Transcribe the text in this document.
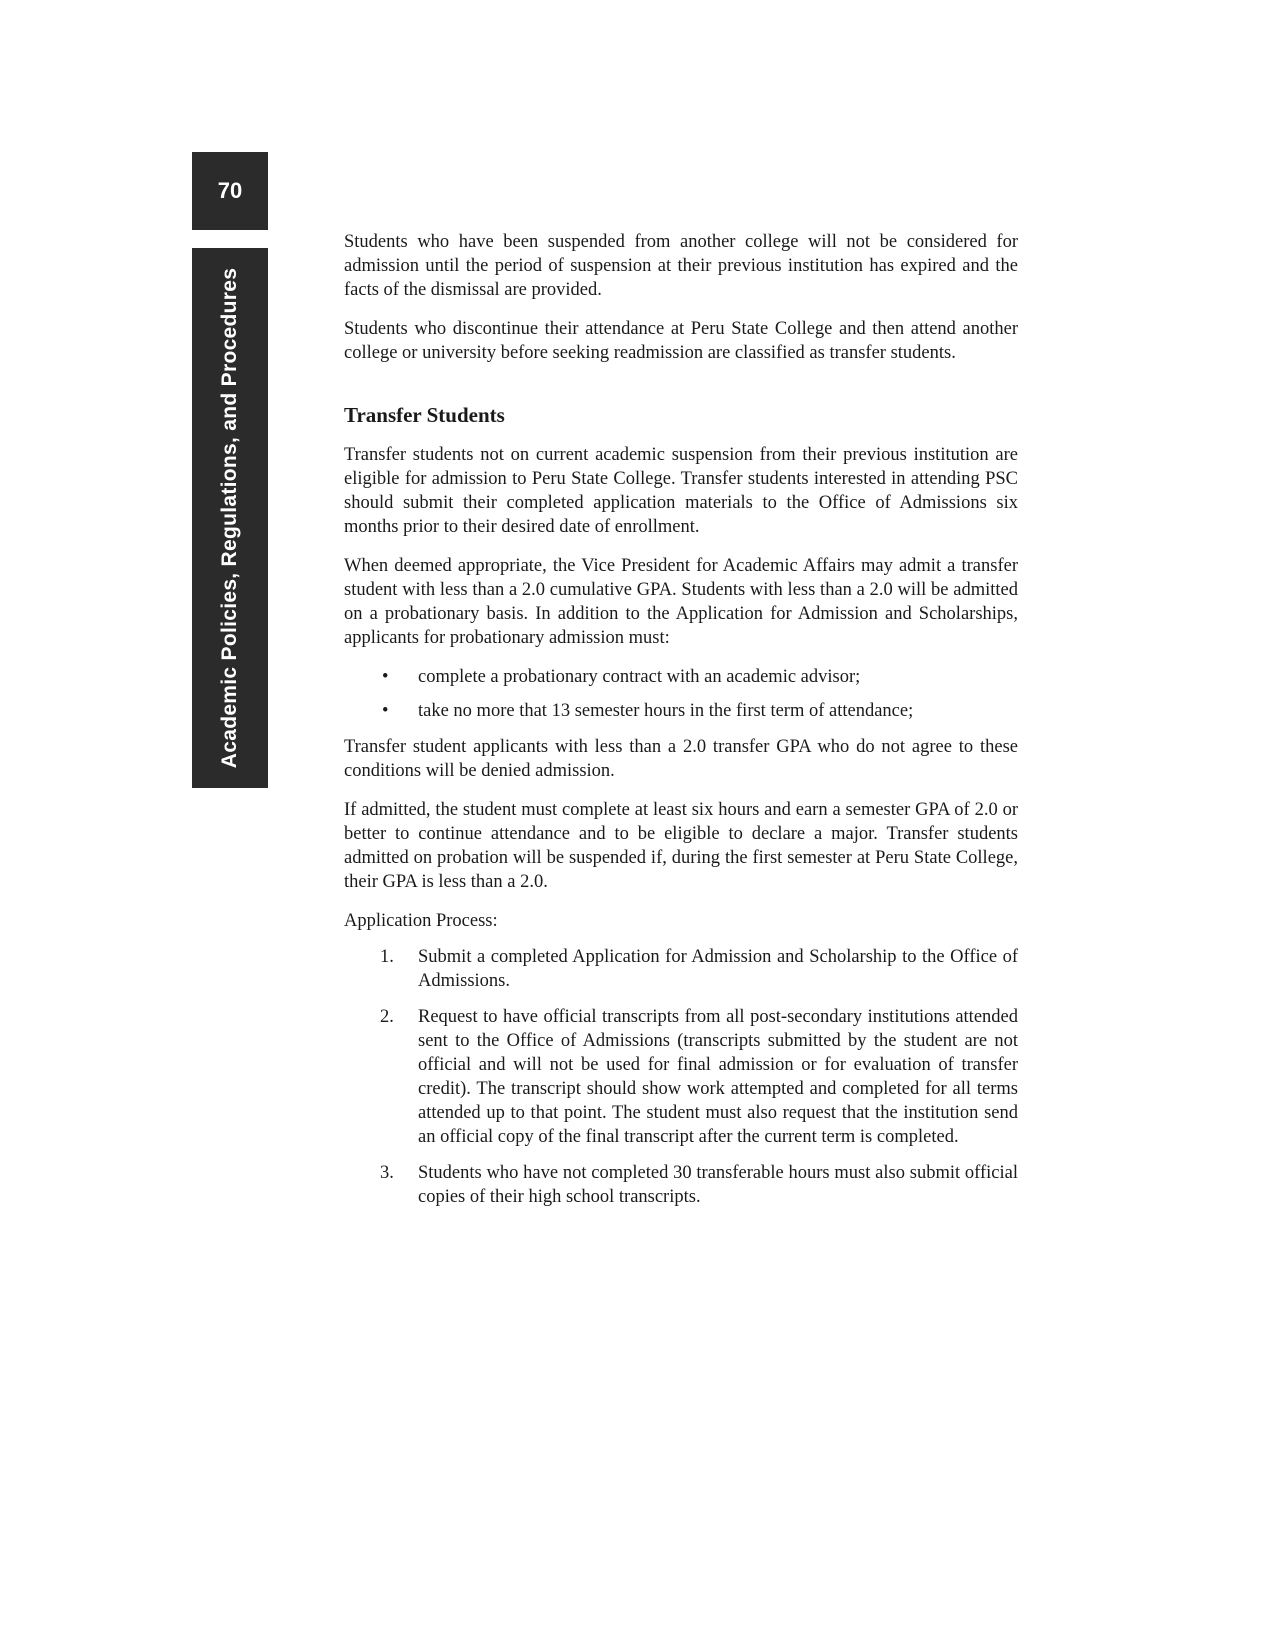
70
Academic Policies, Regulations, and Procedures

Students who have been suspended from another college will not be considered for admission until the period of suspension at their previous institution has expired and the facts of the dismissal are provided.

Students who discontinue their attendance at Peru State College and then attend another college or university before seeking readmission are classified as transfer students.

Transfer Students

Transfer students not on current academic suspension from their previous institution are eligible for admission to Peru State College. Transfer students interested in attending PSC should submit their completed application materials to the Office of Admissions six months prior to their desired date of enrollment.

When deemed appropriate, the Vice President for Academic Affairs may admit a transfer student with less than a 2.0 cumulative GPA. Students with less than a 2.0 will be admitted on a probationary basis. In addition to the Application for Admission and Scholarships, applicants for probationary admission must:

• complete a probationary contract with an academic advisor;
• take no more that 13 semester hours in the first term of attendance;

Transfer student applicants with less than a 2.0 transfer GPA who do not agree to these conditions will be denied admission.

If admitted, the student must complete at least six hours and earn a semester GPA of 2.0 or better to continue attendance and to be eligible to declare a major. Transfer students admitted on probation will be suspended if, during the first semester at Peru State College, their GPA is less than a 2.0.

Application Process:
1. Submit a completed Application for Admission and Scholarship to the Office of Admissions.
2. Request to have official transcripts from all post-secondary institutions attended sent to the Office of Admissions (transcripts submitted by the student are not official and will not be used for final admission or for evaluation of transfer credit). The transcript should show work attempted and completed for all terms attended up to that point. The student must also request that the institution send an official copy of the final transcript after the current term is completed.
3. Students who have not completed 30 transferable hours must also submit official copies of their high school transcripts.
